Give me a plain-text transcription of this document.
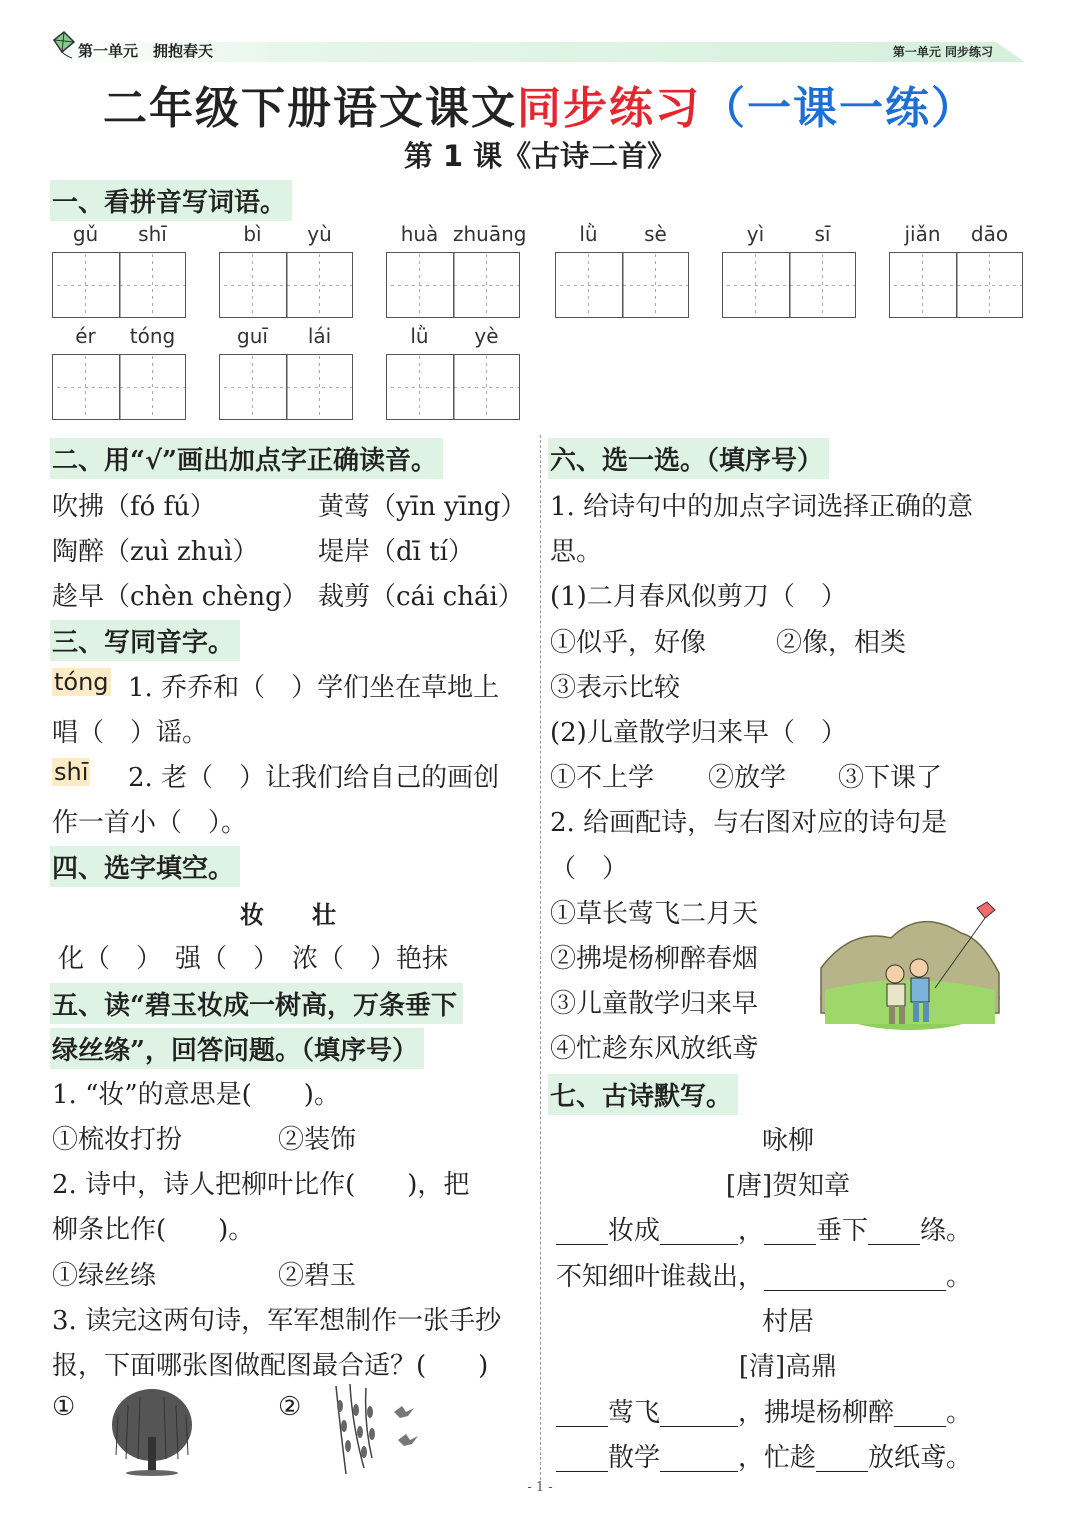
第一单元　拥抱春天	第一单元 同步练习
二年级下册语文课文同步练习（一课一练）
第 1 课《古诗二首》
一、看拼音写词语。
gǔ	shī	bì	yù	huà zhuāng	lǜ	sè	yì	sī	jiǎn	dāo
ér	tóng	guī	lái	lǜ	yè
二、用“√”画出加点字正确读音。
吹拂（fó fú）	黄莺（yīn yīng）
陶醉（zuì zhuì） 堤岸（dī tí）
趁早（chèn chèng） 裁剪（cái chái）
三、写同音字。
tóng 1. 乔乔和（　）学们坐在草地上
唱（　）谣。
shī 2. 老（　）让我们给自己的画创
作一首小（　）。
四、选字填空。
妆　　壮
化（　）　强（　）　浓（　）艳抹
五、读“碧玉妆成一树高，万条垂下
绿丝绦”，回答问题。（填序号）
1. “妆”的意思是(　　)。
①梳妆打扮	②装饰
2. 诗中，诗人把柳叶比作(　　)，把
柳条比作(　　)。
①绿丝绦	②碧玉
3. 读完这两句诗，军军想制作一张手抄
报，下面哪张图做配图最合适？(　　)
①	②
六、选一选。（填序号）
1. 给诗句中的加点字词选择正确的意
思。
(1)二月春风似剪刀（　）
①似乎，好像	②像，相类
③表示比较
(2)儿童散学归来早（　）
①不上学 ②放学 ③下课了
2. 给画配诗，与右图对应的诗句是
（　）
①草长莺飞二月天
②拂堤杨柳醉春烟
③儿童散学归来早
④忙趁东风放纸鸢
七、古诗默写。
咏柳
[唐]贺知章
____妆成______，____垂下____绦。
不知细叶谁裁出，______________。
村居
[清]高鼎
____莺飞______，拂堤杨柳醉____。
____散学______，忙趁____放纸鸢。
- 1 -
